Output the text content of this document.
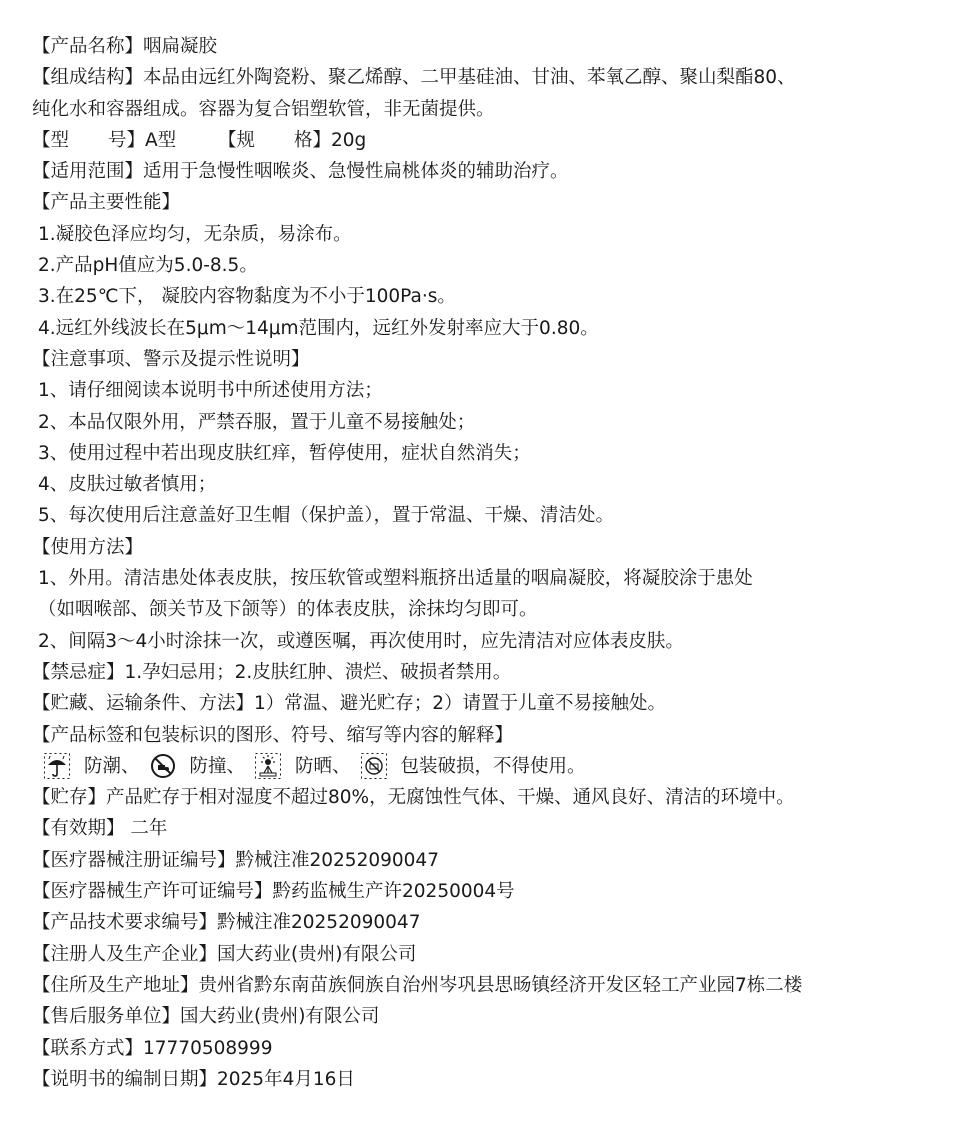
【产品名称】咽扁凝胶
【组成结构】本品由远红外陶瓷粉、聚乙烯醇、二甲基硅油、甘油、苯氧乙醇、聚山梨酯80、
纯化水和容器组成。容器为复合铝塑软管，非无菌提供。
【型 号】A型 【规 格】20g
【适用范围】适用于急慢性咽喉炎、急慢性扁桃体炎的辅助治疗。
【产品主要性能】
1.凝胶色泽应均匀，无杂质，易涂布。
2.产品pH值应为5.0-8.5。
3.在25℃下， 凝胶内容物黏度为不小于100Pa·s。
4.远红外线波长在5μm～14μm范围内，远红外发射率应大于0.80。
【注意事项、警示及提示性说明】
1、请仔细阅读本说明书中所述使用方法；
2、本品仅限外用，严禁吞服，置于儿童不易接触处；
3、使用过程中若出现皮肤红痒，暂停使用，症状自然消失；
4、皮肤过敏者慎用；
5、每次使用后注意盖好卫生帽（保护盖），置于常温、干燥、清洁处。
【使用方法】
1、外用。清洁患处体表皮肤，按压软管或塑料瓶挤出适量的咽扁凝胶，将凝胶涂于患处
（如咽喉部、颌关节及下颌等）的体表皮肤，涂抹均匀即可。
2、间隔3～4小时涂抹一次，或遵医嘱，再次使用时，应先清洁对应体表皮肤。
【禁忌症】1.孕妇忌用；2.皮肤红肿、溃烂、破损者禁用。
【贮藏、运输条件、方法】1）常温、避光贮存；2）请置于儿童不易接触处。
【产品标签和包装标识的图形、符号、缩写等内容的解释】
防潮、	防撞、	防晒、	包装破损，不得使用。
【贮存】产品贮存于相对湿度不超过80%，无腐蚀性气体、干燥、通风良好、清洁的环境中。
【有效期】 二年
【医疗器械注册证编号】黔械注准20252090047
【医疗器械生产许可证编号】黔药监械生产许20250004号
【产品技术要求编号】黔械注准20252090047
【注册人及生产企业】国大药业(贵州)有限公司
【住所及生产地址】贵州省黔东南苗族侗族自治州岑巩县思旸镇经济开发区轻工产业园7栋二楼
【售后服务单位】国大药业(贵州)有限公司
【联系方式】17770508999
【说明书的编制日期】2025年4月16日
